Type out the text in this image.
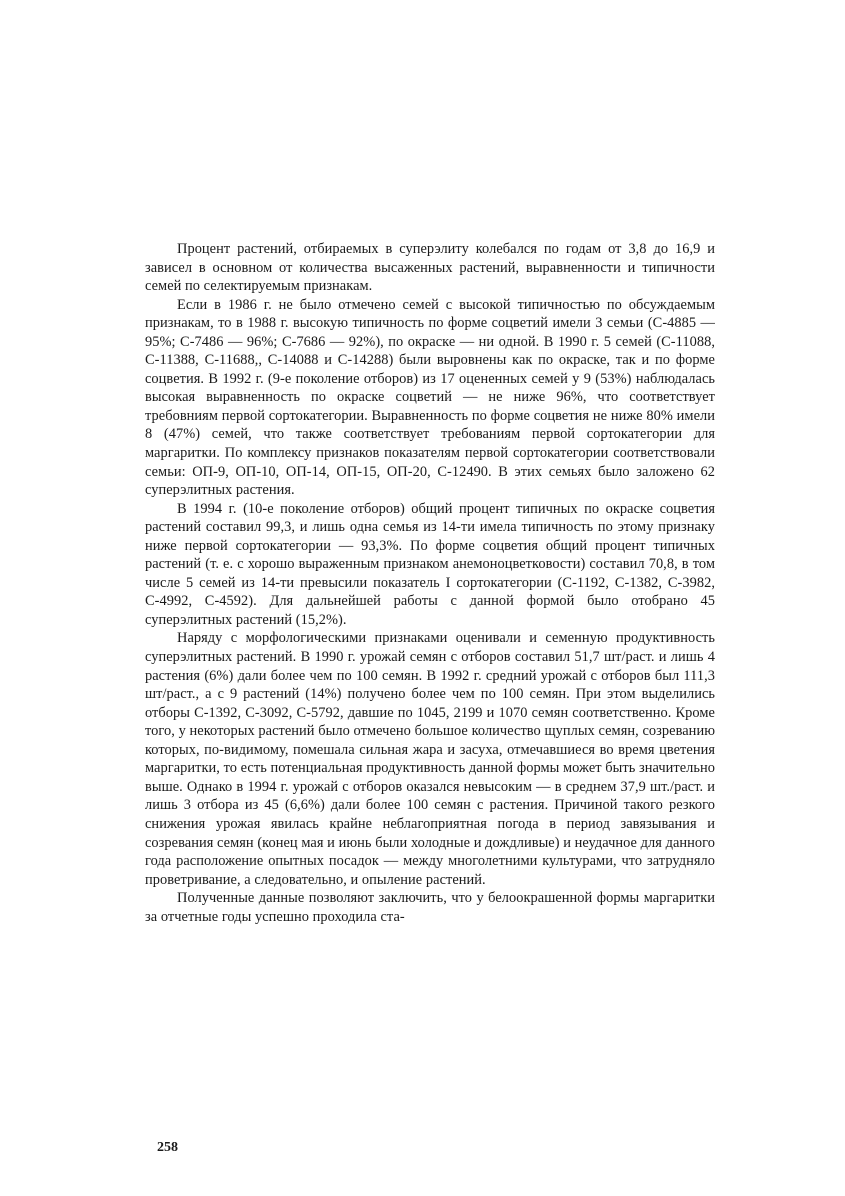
Процент растений, отбираемых в суперэлиту колебался по годам от 3,8 до 16,9 и зависел в основном от количества высаженных растений, выравненности и типичности семей по селектируемым признакам.

Если в 1986 г. не было отмечено семей с высокой типичностью по обсуждаемым признакам, то в 1988 г. высокую типичность по форме соцветий имели 3 семьи (С-4885 — 95%; С-7486 — 96%; С-7686 — 92%), по окраске — ни одной. В 1990 г. 5 семей (С-11088, С-11388, С-11688,, С-14088 и С-14288) были выровнены как по окраске, так и по форме соцветия. В 1992 г. (9-е поколение отборов) из 17 оцененных семей у 9 (53%) наблюдалась высокая выравненность по окраске соцветий — не ниже 96%, что соответствует требовниям первой сортокатегории. Выравненность по форме соцветия не ниже 80% имели 8 (47%) семей, что также соответствует требованиям первой сортокатегории для маргаритки. По комплексу признаков показателям первой сортокатегории соответствовали семьи: ОП-9, ОП-10, ОП-14, ОП-15, ОП-20, С-12490. В этих семьях было заложено 62 суперэлитных растения.

В 1994 г. (10-е поколение отборов) общий процент типичных по окраске соцветия растений составил 99,3, и лишь одна семья из 14-ти имела типичность по этому признаку ниже первой сортокатегории — 93,3%. По форме соцветия общий процент типичных растений (т. е. с хорошо выраженным признаком анемоноцветковости) составил 70,8, в том числе 5 семей из 14-ти превысили показатель I сортокатегории (С-1192, С-1382, С-3982, С-4992, С-4592). Для дальнейшей работы с данной формой было отобрано 45 суперэлитных растений (15,2%).

Наряду с морфологическими признаками оценивали и семенную продуктивность суперэлитных растений. В 1990 г. урожай семян с отборов составил 51,7 шт/раст. и лишь 4 растения (6%) дали более чем по 100 семян. В 1992 г. средний урожай с отборов был 111,3 шт/раст., а с 9 растений (14%) получено более чем по 100 семян. При этом выделились отборы С-1392, С-3092, С-5792, давшие по 1045, 2199 и 1070 семян соответственно. Кроме того, у некоторых растений было отмечено большое количество щуплых семян, созреванию которых, по-видимому, помешала сильная жара и засуха, отмечавшиеся во время цветения маргаритки, то есть потенциальная продуктивность данной формы может быть значительно выше. Однако в 1994 г. урожай с отборов оказался невысоким — в среднем 37,9 шт./раст. и лишь 3 отбора из 45 (6,6%) дали более 100 семян с растения. Причиной такого резкого снижения урожая явилась крайне неблагоприятная погода в период завязывания и созревания семян (конец мая и июнь были холодные и дождливые) и неудачное для данного года расположение опытных посадок — между многолетними культурами, что затрудняло проветривание, а следовательно, и опыление растений.

Полученные данные позволяют заключить, что у белоокрашенной формы маргаритки за отчетные годы успешно проходила ста-

258
